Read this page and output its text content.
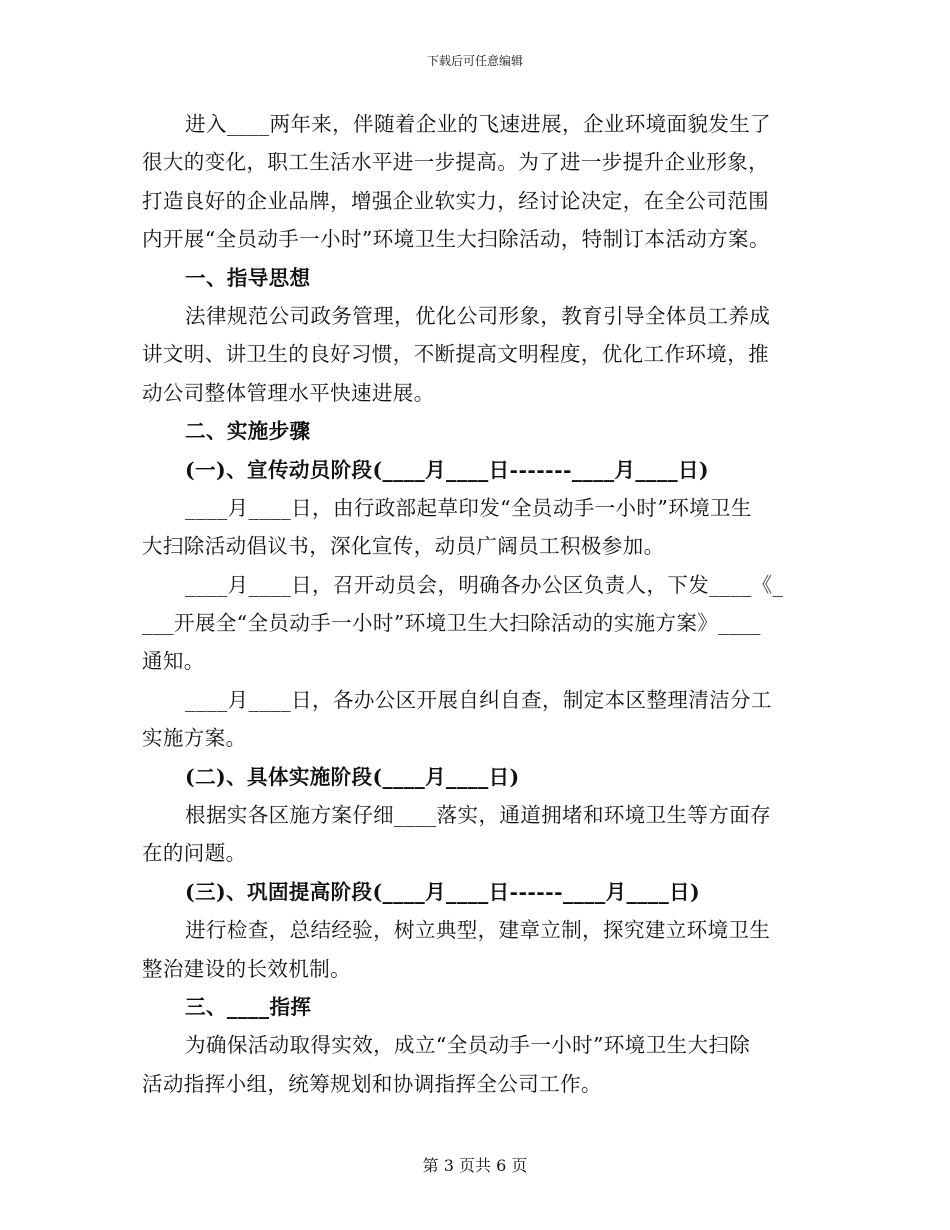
下载后可任意编辑
进入____两年来，伴随着企业的飞速进展，企业环境面貌发生了
很大的变化，职工生活水平进一步提高。为了进一步提升企业形象，
打造良好的企业品牌，增强企业软实力，经讨论决定，在全公司范围
内开展“全员动手一小时”环境卫生大扫除活动，特制订本活动方案。
一、指导思想
法律规范公司政务管理，优化公司形象，教育引导全体员工养成
讲文明、讲卫生的良好习惯，不断提高文明程度，优化工作环境，推
动公司整体管理水平快速进展。
二、实施步骤
(一)、宣传动员阶段(____月____日-------____月____日)
____月____日，由行政部起草印发“全员动手一小时”环境卫生
大扫除活动倡议书，深化宣传，动员广阔员工积极参加。
____月____日，召开动员会，明确各办公区负责人，下发____《_
___开展全“全员动手一小时”环境卫生大扫除活动的实施方案》____
通知。
____月____日，各办公区开展自纠自查，制定本区整理清洁分工
实施方案。
(二)、具体实施阶段(____月____日)
根据实各区施方案仔细____落实，通道拥堵和环境卫生等方面存
在的问题。
(三)、巩固提高阶段(____月____日------____月____日)
进行检查，总结经验，树立典型，建章立制，探究建立环境卫生
整治建设的长效机制。
三、____指挥
为确保活动取得实效，成立“全员动手一小时”环境卫生大扫除
活动指挥小组，统筹规划和协调指挥全公司工作。
第 3 页共 6 页
